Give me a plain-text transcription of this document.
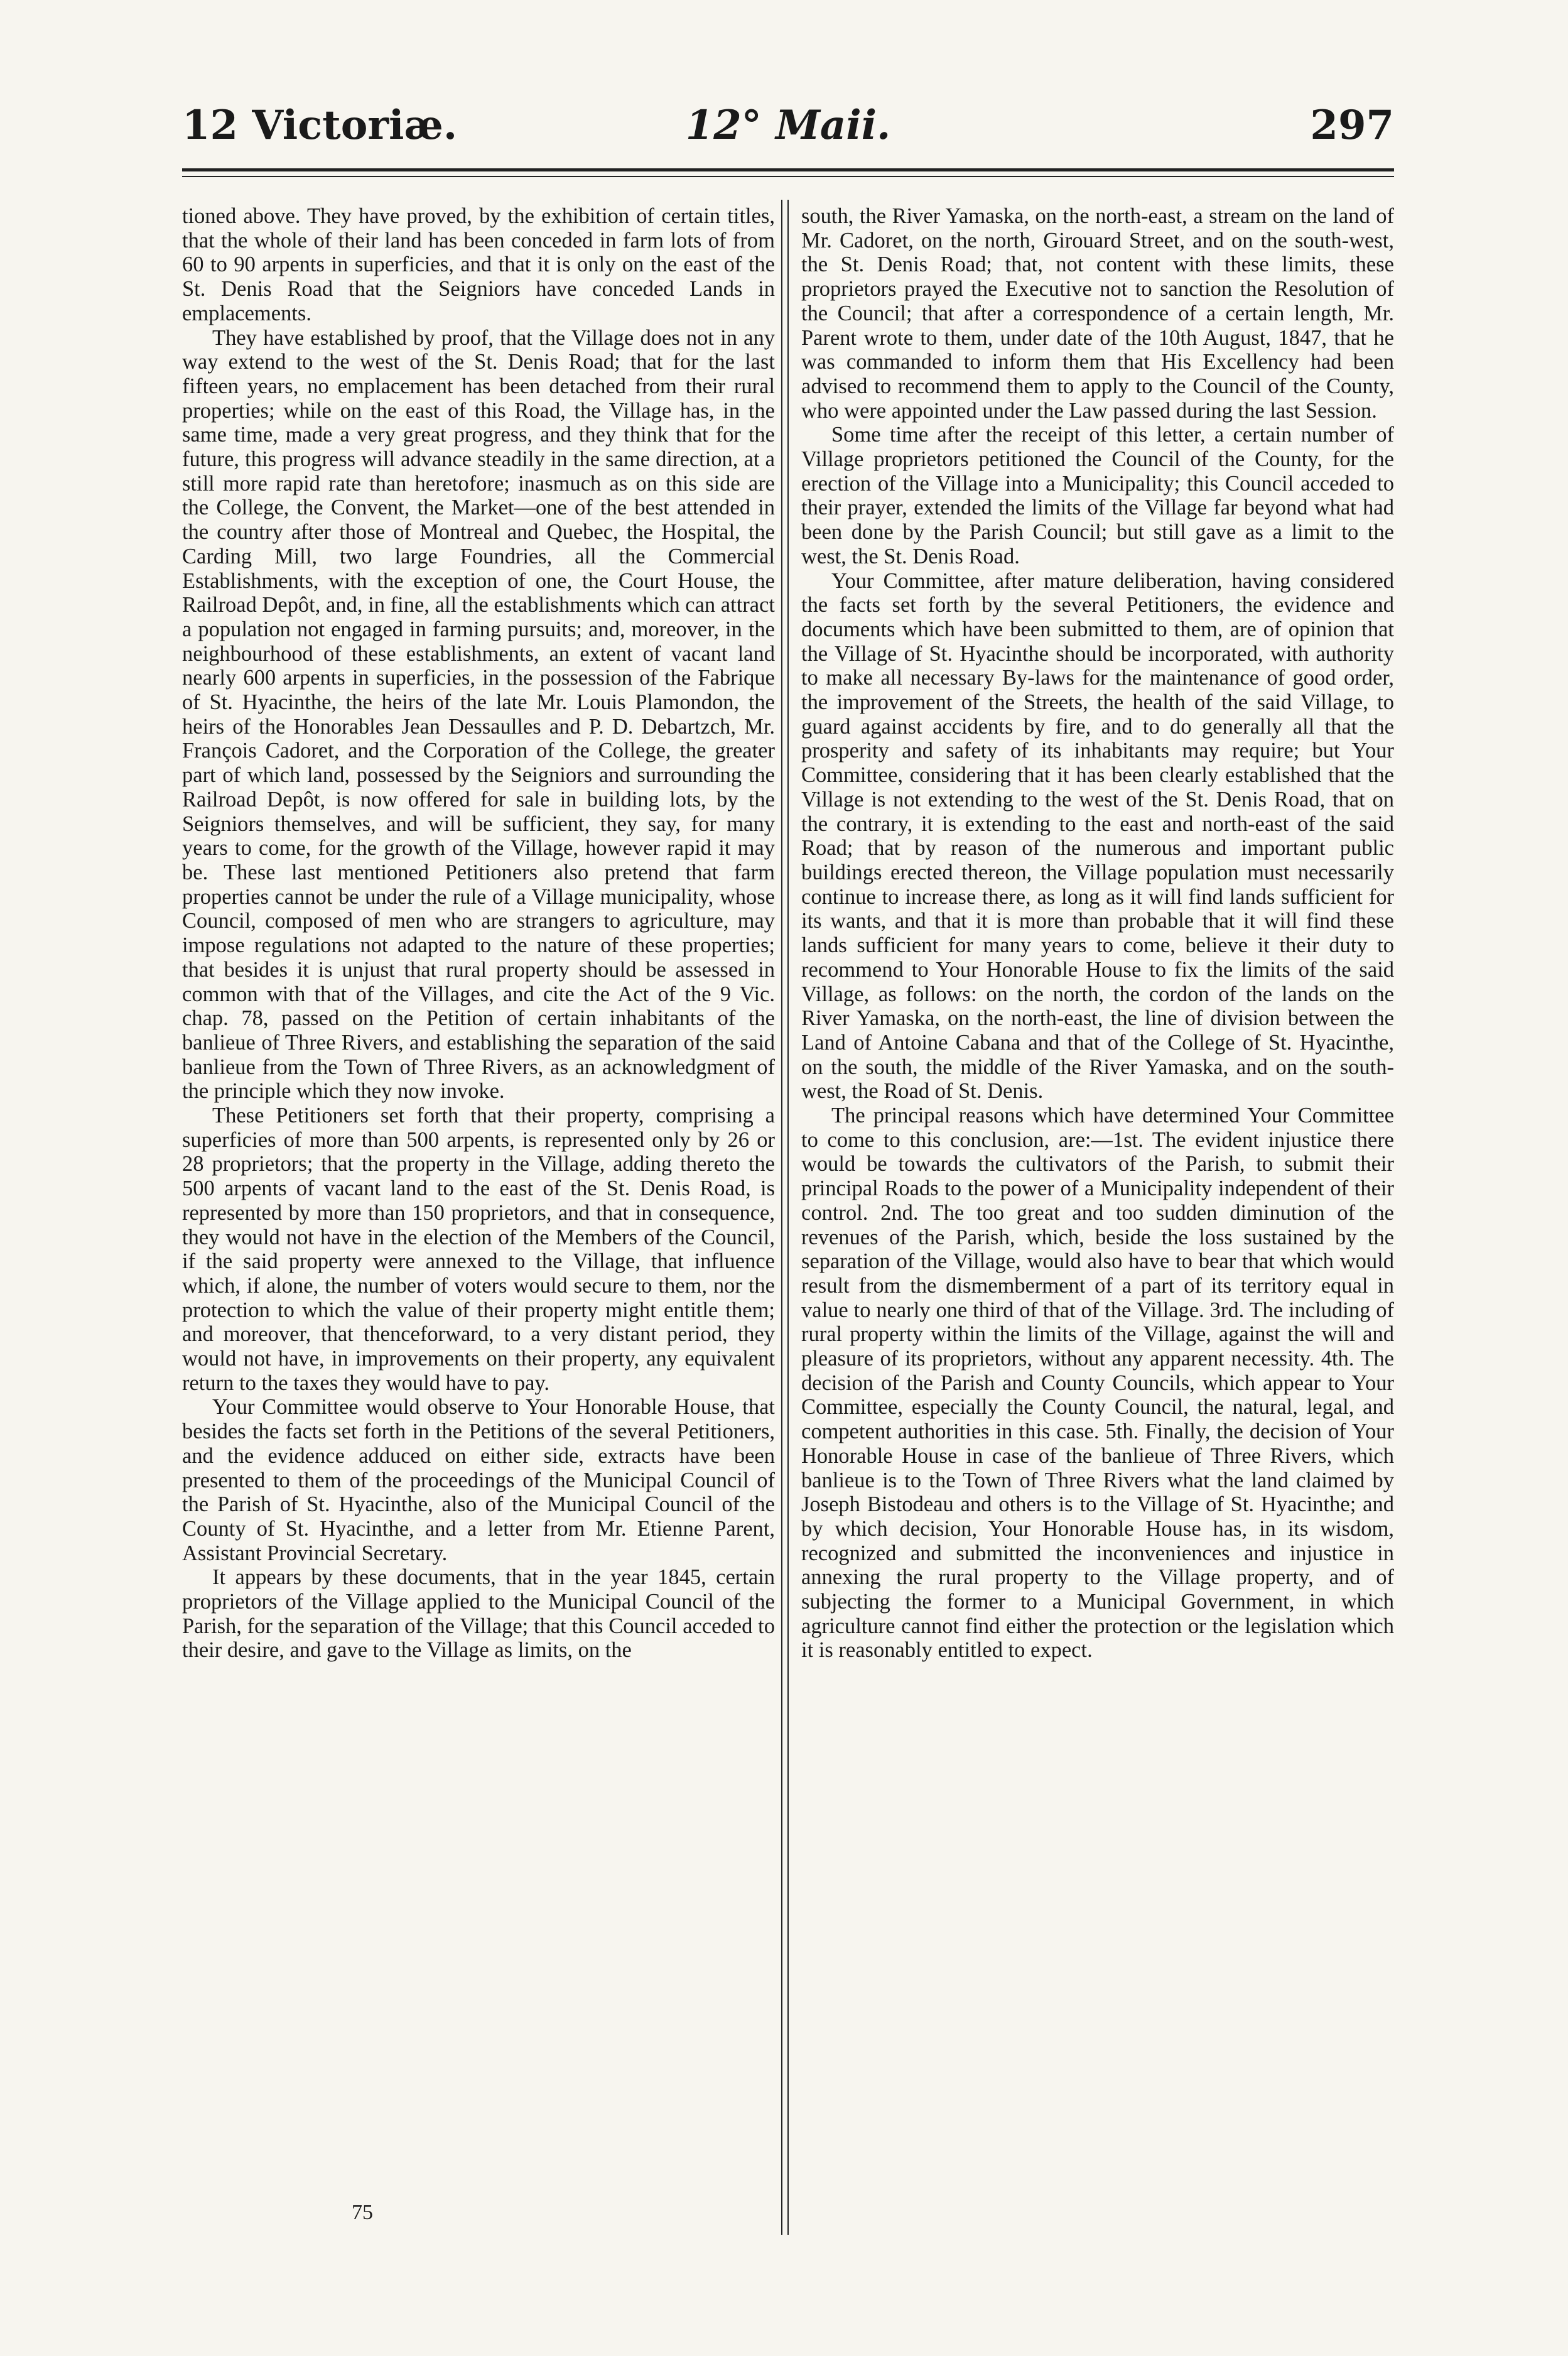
12 Victoriæ.	12° Maii.	297

tioned above. They have proved, by the exhibition of certain titles, that the whole of their land has been conceded in farm lots of from 60 to 90 arpents in superficies, and that it is only on the east of the St. Denis Road that the Seigniors have conceded Lands in emplacements.

They have established by proof, that the Village does not in any way extend to the west of the St. Denis Road; that for the last fifteen years, no emplacement has been detached from their rural properties; while on the east of this Road, the Village has, in the same time, made a very great progress, and they think that for the future, this progress will advance steadily in the same direction, at a still more rapid rate than heretofore; inasmuch as on this side are the College, the Convent, the Market—one of the best attended in the country after those of Montreal and Quebec, the Hospital, the Carding Mill, two large Foundries, all the Commercial Establishments, with the exception of one, the Court House, the Railroad Depôt, and, in fine, all the establishments which can attract a population not engaged in farming pursuits; and, moreover, in the neighbourhood of these establishments, an extent of vacant land nearly 600 arpents in superficies, in the possession of the Fabrique of St. Hyacinthe, the heirs of the late Mr. Louis Plamondon, the heirs of the Honorables Jean Dessaulles and P. D. Debartzch, Mr. François Cadoret, and the Corporation of the College, the greater part of which land, possessed by the Seigniors and surrounding the Railroad Depôt, is now offered for sale in building lots, by the Seigniors themselves, and will be sufficient, they say, for many years to come, for the growth of the Village, however rapid it may be. These last mentioned Petitioners also pretend that farm properties cannot be under the rule of a Village municipality, whose Council, composed of men who are strangers to agriculture, may impose regulations not adapted to the nature of these properties; that besides it is unjust that rural property should be assessed in common with that of the Villages, and cite the Act of the 9 Vic. chap. 78, passed on the Petition of certain inhabitants of the banlieue of Three Rivers, and establishing the separation of the said banlieue from the Town of Three Rivers, as an acknowledgment of the principle which they now invoke.

These Petitioners set forth that their property, comprising a superficies of more than 500 arpents, is represented only by 26 or 28 proprietors; that the property in the Village, adding thereto the 500 arpents of vacant land to the east of the St. Denis Road, is represented by more than 150 proprietors, and that in consequence, they would not have in the election of the Members of the Council, if the said property were annexed to the Village, that influence which, if alone, the number of voters would secure to them, nor the protection to which the value of their property might entitle them; and moreover, that thenceforward, to a very distant period, they would not have, in improvements on their property, any equivalent return to the taxes they would have to pay.

Your Committee would observe to Your Honorable House, that besides the facts set forth in the Petitions of the several Petitioners, and the evidence adduced on either side, extracts have been presented to them of the proceedings of the Municipal Council of the Parish of St. Hyacinthe, also of the Municipal Council of the County of St. Hyacinthe, and a letter from Mr. Etienne Parent, Assistant Provincial Secretary.

It appears by these documents, that in the year 1845, certain proprietors of the Village applied to the Municipal Council of the Parish, for the separation of the Village; that this Council acceded to their desire, and gave to the Village as limits, on the

south, the River Yamaska, on the north-east, a stream on the land of Mr. Cadoret, on the north, Girouard Street, and on the south-west, the St. Denis Road; that, not content with these limits, these proprietors prayed the Executive not to sanction the Resolution of the Council; that after a correspondence of a certain length, Mr. Parent wrote to them, under date of the 10th August, 1847, that he was commanded to inform them that His Excellency had been advised to recommend them to apply to the Council of the County, who were appointed under the Law passed during the last Session.

Some time after the receipt of this letter, a certain number of Village proprietors petitioned the Council of the County, for the erection of the Village into a Municipality; this Council acceded to their prayer, extended the limits of the Village far beyond what had been done by the Parish Council; but still gave as a limit to the west, the St. Denis Road.

Your Committee, after mature deliberation, having considered the facts set forth by the several Petitioners, the evidence and documents which have been submitted to them, are of opinion that the Village of St. Hyacinthe should be incorporated, with authority to make all necessary By-laws for the maintenance of good order, the improvement of the Streets, the health of the said Village, to guard against accidents by fire, and to do generally all that the prosperity and safety of its inhabitants may require; but Your Committee, considering that it has been clearly established that the Village is not extending to the west of the St. Denis Road, that on the contrary, it is extending to the east and north-east of the said Road; that by reason of the numerous and important public buildings erected thereon, the Village population must necessarily continue to increase there, as long as it will find lands sufficient for its wants, and that it is more than probable that it will find these lands sufficient for many years to come, believe it their duty to recommend to Your Honorable House to fix the limits of the said Village, as follows: on the north, the cordon of the lands on the River Yamaska, on the north-east, the line of division between the Land of Antoine Cabana and that of the College of St. Hyacinthe, on the south, the middle of the River Yamaska, and on the south-west, the Road of St. Denis.

The principal reasons which have determined Your Committee to come to this conclusion, are:—1st. The evident injustice there would be towards the cultivators of the Parish, to submit their principal Roads to the power of a Municipality independent of their control. 2nd. The too great and too sudden diminution of the revenues of the Parish, which, beside the loss sustained by the separation of the Village, would also have to bear that which would result from the dismemberment of a part of its territory equal in value to nearly one third of that of the Village. 3rd. The including of rural property within the limits of the Village, against the will and pleasure of its proprietors, without any apparent necessity. 4th. The decision of the Parish and County Councils, which appear to Your Committee, especially the County Council, the natural, legal, and competent authorities in this case. 5th. Finally, the decision of Your Honorable House in case of the banlieue of Three Rivers, which banlieue is to the Town of Three Rivers what the land claimed by Joseph Bistodeau and others is to the Village of St. Hyacinthe; and by which decision, Your Honorable House has, in its wisdom, recognized and submitted the inconveniences and injustice in annexing the rural property to the Village property, and of subjecting the former to a Municipal Government, in which agriculture cannot find either the protection or the legislation which it is reasonably entitled to expect.

75
